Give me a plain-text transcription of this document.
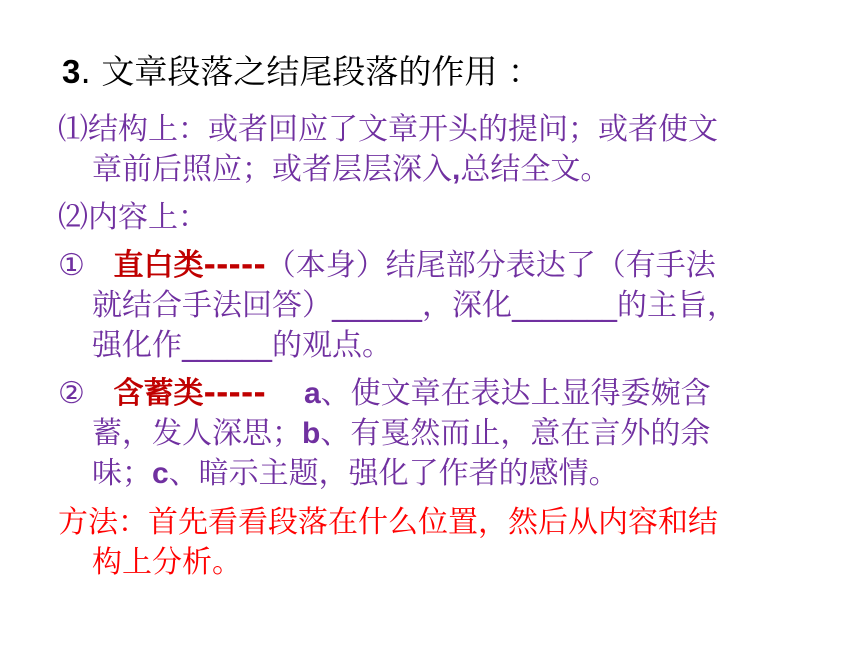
3. 文章段落之结尾段落的作用 ：
⑴结构上：或者回应了文章开头的提问；或者使文
章前后照应；或者层层深入,总结全文。
⑵内容上：
① 直白类-----（本身）结尾部分表达了（有手法
就结合手法回答）______，深化_______的主旨，
强化作______的观点。
② 含蓄类----- a、使文章在表达上显得委婉含
蓄，发人深思；b、有戛然而止，意在言外的余
味；c、暗示主题，强化了作者的感情。
方法：首先看看段落在什么位置，然后从内容和结
构上分析。
